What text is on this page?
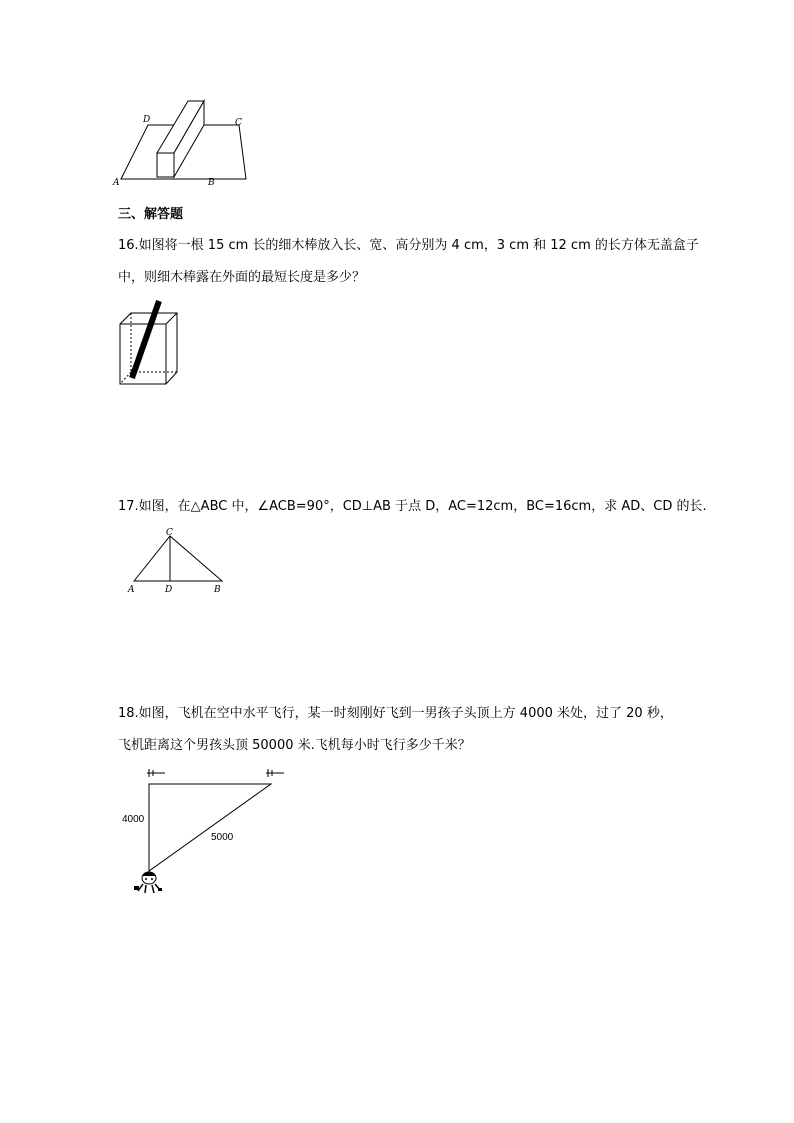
A	B
C
D
三、解答题
16.如图将一根 15 cm 长的细木棒放入长、宽、高分别为 4 cm，3 cm 和 12 cm 的长方体无盖盒子
中，则细木棒露在外面的最短长度是多少？
17.如图，在△ABC 中，∠ACB=90°，CD⊥AB 于点 D，AC=12cm，BC=16cm，求 AD、CD 的长.
C
A	D	B
18.如图，飞机在空中水平飞行，某一时刻刚好飞到一男孩子头顶上方 4000 米处，过了 20 秒，
飞机距离这个男孩头顶 50000 米.飞机每小时飞行多少千米？
4000
5000
